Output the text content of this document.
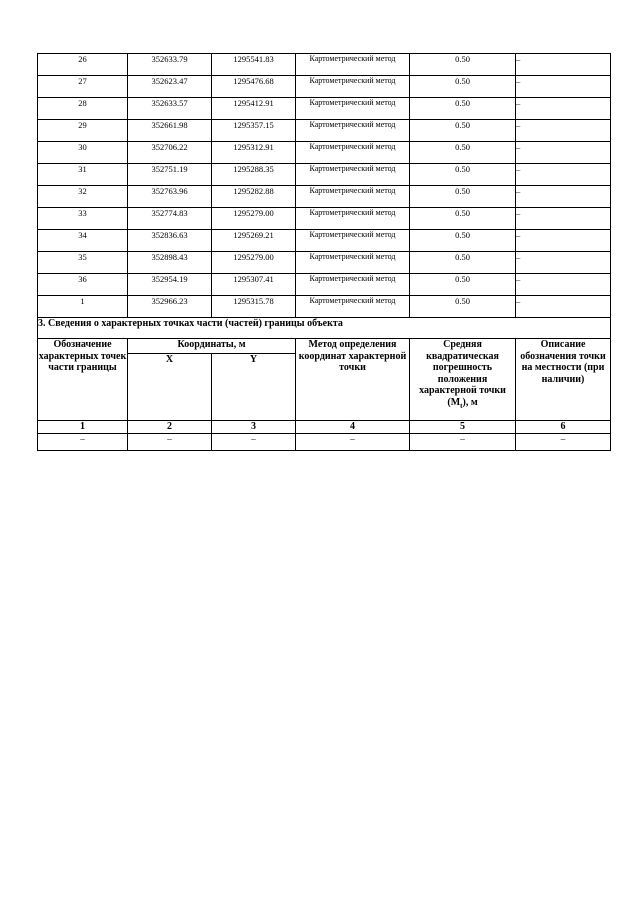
26	352633.79	1295541.83	Картометрический метод	0.50	–
27	352623.47	1295476.68	Картометрический метод	0.50	–
28	352633.57	1295412.91	Картометрический метод	0.50	–
29	352661.98	1295357.15	Картометрический метод	0.50	–
30	352706.22	1295312.91	Картометрический метод	0.50	–
31	352751.19	1295288.35	Картометрический метод	0.50	–
32	352763.96	1295282.88	Картометрический метод	0.50	–
33	352774.83	1295279.00	Картометрический метод	0.50	–
34	352836.63	1295269.21	Картометрический метод	0.50	–
35	352898.43	1295279.00	Картометрический метод	0.50	–
36	352954.19	1295307.41	Картометрический метод	0.50	–
1	352966.23	1295315.78	Картометрический метод	0.50	–
3. Сведения о характерных точках части (частей) границы объекта					
Обозначение характерных точек части границы	Координаты, м		Метод определения координат характерной точки	Средняя квадратическая погрешность положения характерной точки $(M_t)$, м	Описание обозначения точки на местности (при наличии)
	X	Y			
1	2	3	4	5	6
–	–	–	–	–	–
